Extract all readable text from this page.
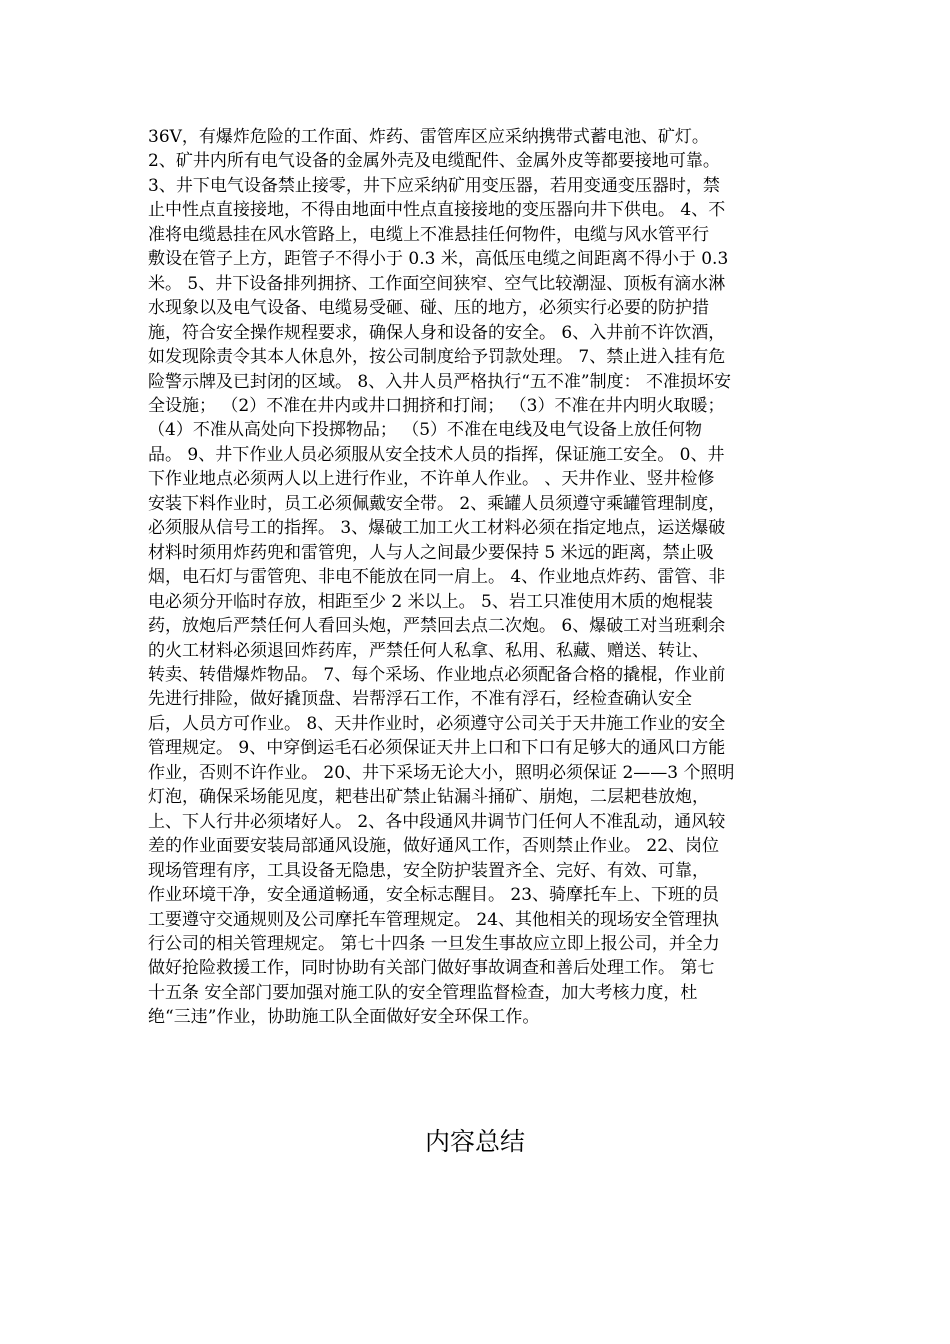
36V，有爆炸危险的工作面、炸药、雷管库区应采纳携带式蓄电池、矿灯。
2、矿井内所有电气设备的金属外壳及电缆配件、金属外皮等都要接地可靠。
3、井下电气设备禁止接零，井下应采纳矿用变压器，若用变通变压器时，禁
止中性点直接接地，不得由地面中性点直接接地的变压器向井下供电。 4、不
准将电缆悬挂在风水管路上，电缆上不准悬挂任何物件，电缆与风水管平行
敷设在管子上方，距管子不得小于 0.3 米，高低压电缆之间距离不得小于 0.3
米。 5、井下设备排列拥挤、工作面空间狭窄、空气比较潮湿、顶板有滴水淋
水现象以及电气设备、电缆易受砸、碰、压的地方，必须实行必要的防护措
施，符合安全操作规程要求，确保人身和设备的安全。 6、入井前不许饮酒，
如发现除责令其本人休息外，按公司制度给予罚款处理。 7、禁止进入挂有危
险警示牌及已封闭的区域。 8、入井人员严格执行“五不准”制度： 不准损坏安
全设施； （2）不准在井内或井口拥挤和打闹； （3）不准在井内明火取暖；
（4）不准从高处向下投掷物品； （5）不准在电线及电气设备上放任何物
品。 9、井下作业人员必须服从安全技术人员的指挥，保证施工安全。 0、井
下作业地点必须两人以上进行作业，不许单人作业。 、天井作业、竖井检修
安装下料作业时，员工必须佩戴安全带。 2、乘罐人员须遵守乘罐管理制度，
必须服从信号工的指挥。 3、爆破工加工火工材料必须在指定地点，运送爆破
材料时须用炸药兜和雷管兜，人与人之间最少要保持 5 米远的距离，禁止吸
烟，电石灯与雷管兜、非电不能放在同一肩上。 4、作业地点炸药、雷管、非
电必须分开临时存放，相距至少 2 米以上。 5、岩工只准使用木质的炮棍装
药，放炮后严禁任何人看回头炮，严禁回去点二次炮。 6、爆破工对当班剩余
的火工材料必须退回炸药库，严禁任何人私拿、私用、私藏、赠送、转让、
转卖、转借爆炸物品。 7、每个采场、作业地点必须配备合格的撬棍，作业前
先进行排险，做好撬顶盘、岩帮浮石工作，不准有浮石，经检查确认安全
后，人员方可作业。 8、天井作业时，必须遵守公司关于天井施工作业的安全
管理规定。 9、中穿倒运毛石必须保证天井上口和下口有足够大的通风口方能
作业，否则不许作业。 20、井下采场无论大小，照明必须保证 2——3 个照明
灯泡，确保采场能见度，耙巷出矿禁止钻漏斗捅矿、崩炮，二层耙巷放炮，
上、下人行井必须堵好人。 2、各中段通风井调节门任何人不准乱动，通风较
差的作业面要安装局部通风设施，做好通风工作，否则禁止作业。 22、岗位
现场管理有序，工具设备无隐患，安全防护装置齐全、完好、有效、可靠，
作业环境干净，安全通道畅通，安全标志醒目。 23、骑摩托车上、下班的员
工要遵守交通规则及公司摩托车管理规定。 24、其他相关的现场安全管理执
行公司的相关管理规定。 第七十四条 一旦发生事故应立即上报公司，并全力
做好抢险救援工作，同时协助有关部门做好事故调查和善后处理工作。 第七
十五条 安全部门要加强对施工队的安全管理监督检查，加大考核力度，杜
绝“三违”作业，协助施工队全面做好安全环保工作。
内容总结
